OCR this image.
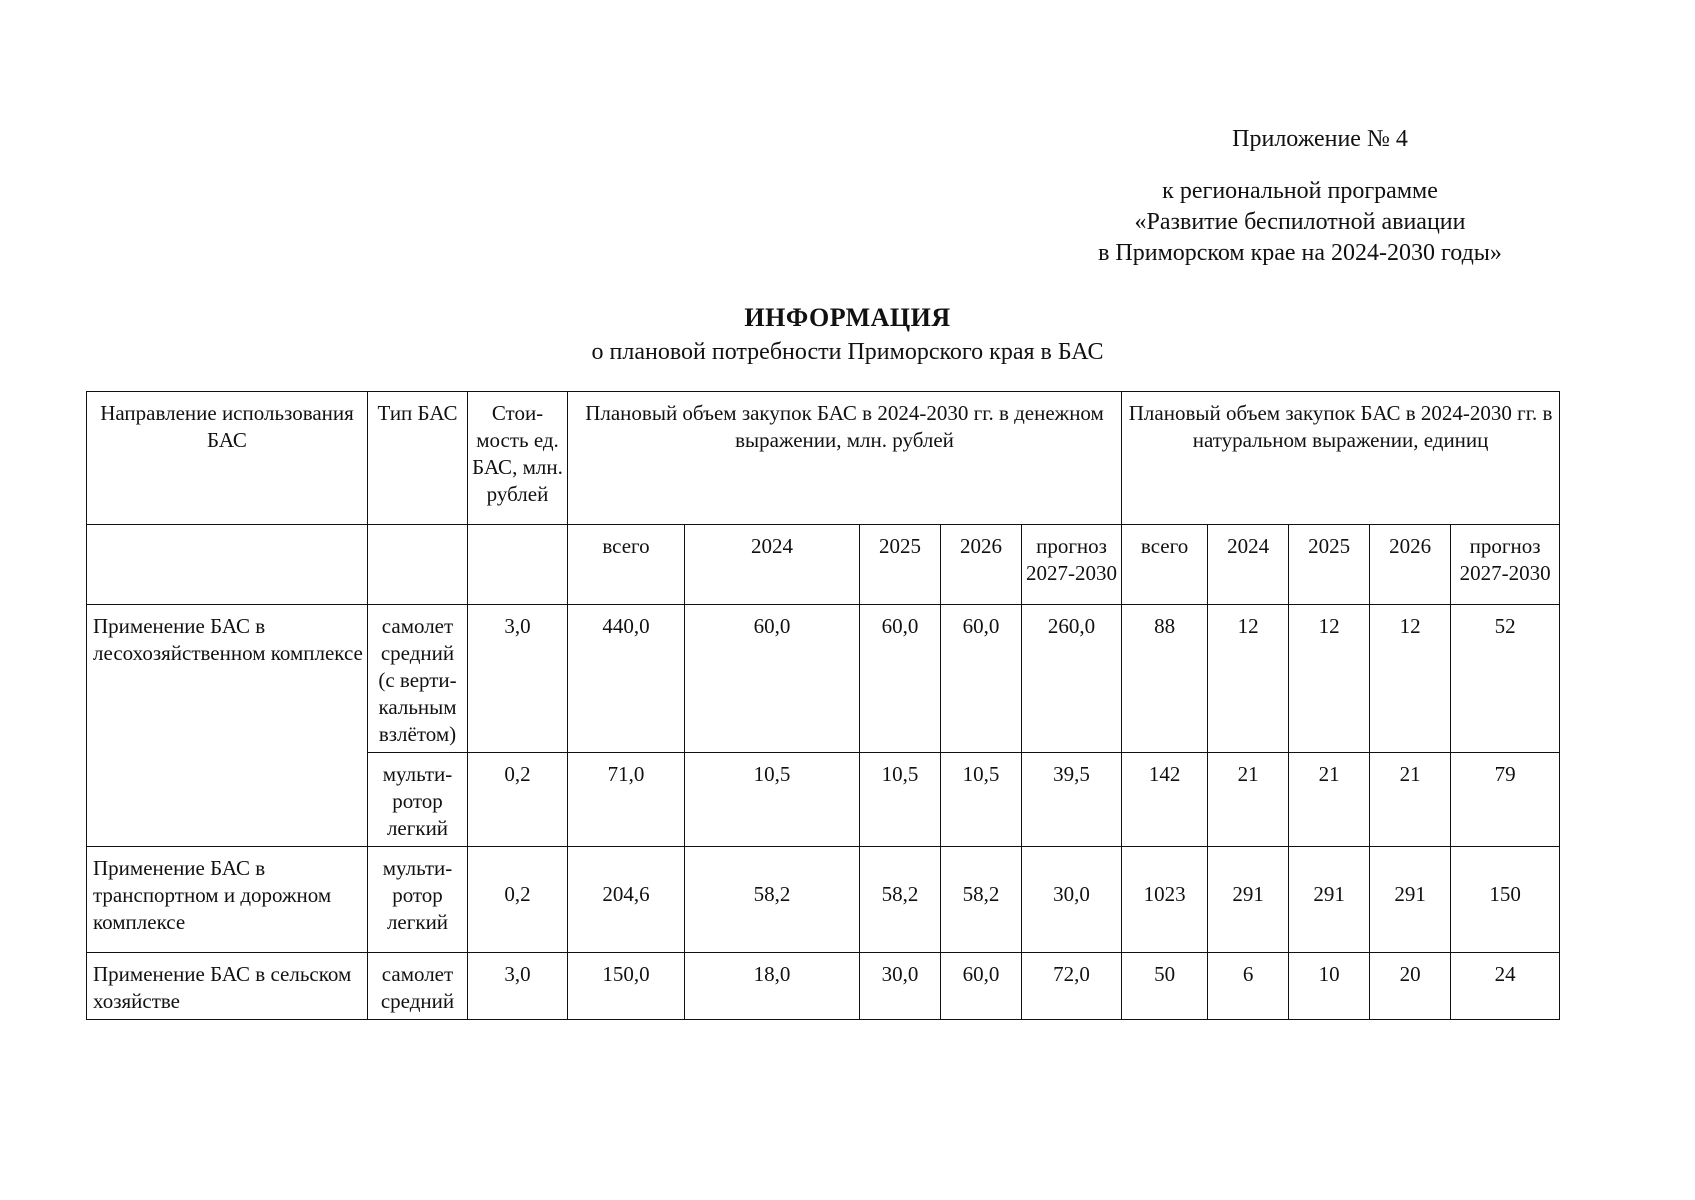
Приложение № 4
к региональной программе
«Развитие беспилотной авиации
в Приморском крае на 2024-2030 годы»
ИНФОРМАЦИЯ
о плановой потребности Приморского края в БАС
Направление использования БАС	Тип БАС	Стои-мость ед. БАС, млн. рублей	Плановый объем закупок БАС в 2024-2030 гг. в денежном выражении, млн. рублей					Плановый объем закупок БАС в 2024-2030 гг. в натуральном выражении, единиц				
			всего	2024	2025	2026	прогноз 2027-2030	всего	2024	2025	2026	прогноз 2027-2030
Применение БАС в лесохозяйственном комплексе	самолет средний (с верти-кальным взлётом)	3,0	440,0	60,0	60,0	60,0	260,0	88	12	12	12	52
	мульти-ротор легкий	0,2	71,0	10,5	10,5	10,5	39,5	142	21	21	21	79
Применение БАС в транспортном и дорожном комплексе	мульти-ротор легкий	0,2	204,6	58,2	58,2	58,2	30,0	1023	291	291	291	150
Применение БАС в сельском хозяйстве	самолет средний	3,0	150,0	18,0	30,0	60,0	72,0	50	6	10	20	24
